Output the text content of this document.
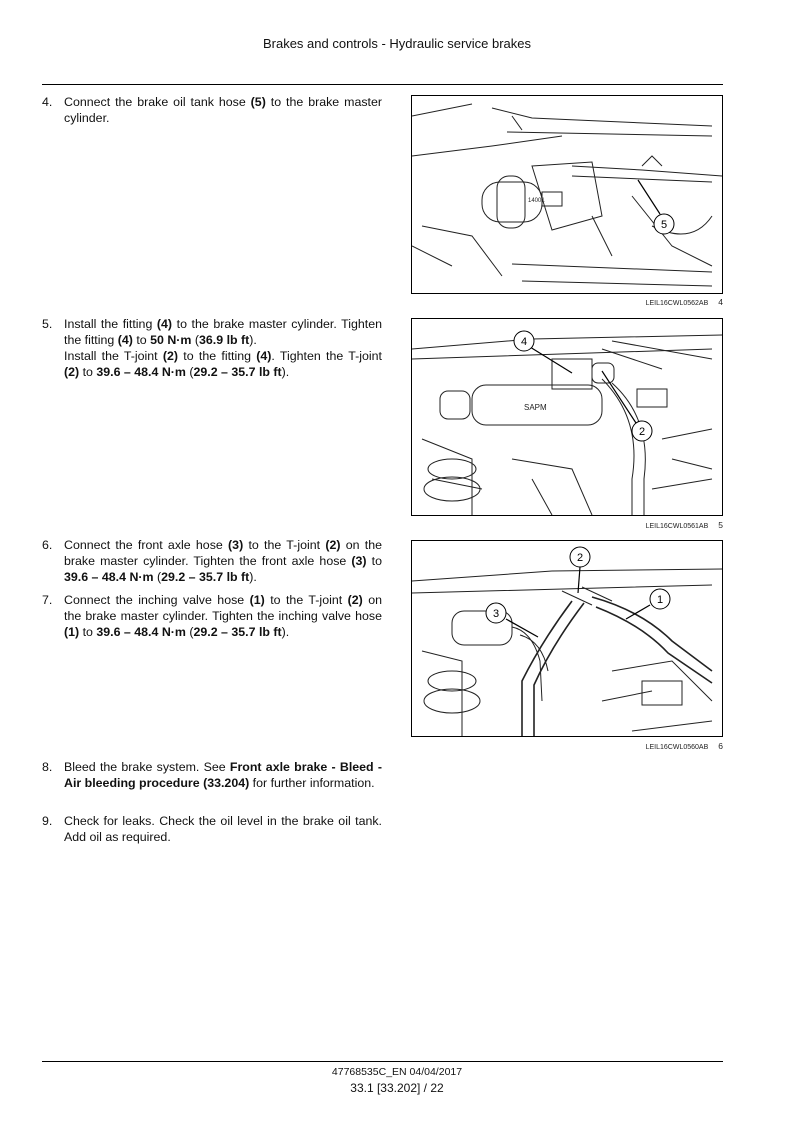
Brakes and controls - Hydraulic service brakes
4. Connect the brake oil tank hose (5) to the brake master cylinder.
5. Install the fitting (4) to the brake master cylinder. Tighten the fitting (4) to 50 N·m (36.9 lb ft).
Install the T-joint (2) to the fitting (4). Tighten the T-joint (2) to 39.6 – 48.4 N·m (29.2 – 35.7 lb ft).
6. Connect the front axle hose (3) to the T-joint (2) on the brake master cylinder. Tighten the front axle hose (3) to 39.6 – 48.4 N·m (29.2 – 35.7 lb ft).
7. Connect the inching valve hose (1) to the T-joint (2) on the brake master cylinder. Tighten the inching valve hose (1) to 39.6 – 48.4 N·m (29.2 – 35.7 lb ft).
8. Bleed the brake system. See Front axle brake - Bleed - Air bleeding procedure (33.204) for further information.
9. Check for leaks. Check the oil level in the brake oil tank. Add oil as required.
14001
5
LEIL16CWL0562AB 4
SAPM
4
2
LEIL16CWL0561AB 5
2
1
3
LEIL16CWL0560AB 6
47768535C_EN 04/04/2017
33.1 [33.202] / 22
